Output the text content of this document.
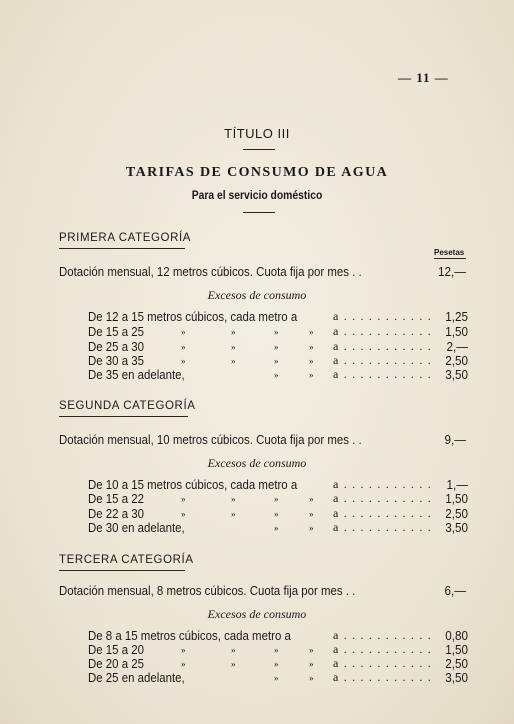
— 11 —
TÍTULO III
TARIFAS DE CONSUMO DE AGUA
Para el servicio doméstico
Pesetas
PRIMERA CATEGORÍA
Dotación mensual, 12 metros cúbicos. Cuota fija por mes . .	12,—
Excesos de consumo
De 12 a 15 metros cúbicos, cada metro a	a . . . . . . . . . . .	1,25
De 15 a 25	»	»	»	» a . . . . . . . . . . .	1,50
De 25 a 30	»	»	»	» a . . . . . . . . . . .	2,—
De 30 a 35	»	»	»	» a . . . . . . . . . . .	2,50
De 35 en adelante,	»	» a . . . . . . . . . . .	3,50
SEGUNDA CATEGORÍA
Dotación mensual, 10 metros cúbicos. Cuota fija por mes . .	9,—
Excesos de consumo
De 10 a 15 metros cúbicos, cada metro a	a . . . . . . . . . . .	1,—
De 15 a 22	»	»	»	» a . . . . . . . . . . .	1,50
De 22 a 30	»	»	»	» a . . . . . . . . . . .	2,50
De 30 en adelante,	»	» a . . . . . . . . . . .	3,50
TERCERA CATEGORÍA
Dotación mensual, 8 metros cúbicos. Cuota fija por mes . .	6,—
Excesos de consumo
De 8 a 15 metros cúbicos, cada metro a	a . . . . . . . . . . .	0,80
De 15 a 20	»	»	»	» a . . . . . . . . . . .	1,50
De 20 a 25	»	»	»	» a . . . . . . . . . . .	2,50
De 25 en adelante,	»	» a . . . . . . . . . . .	3,50
